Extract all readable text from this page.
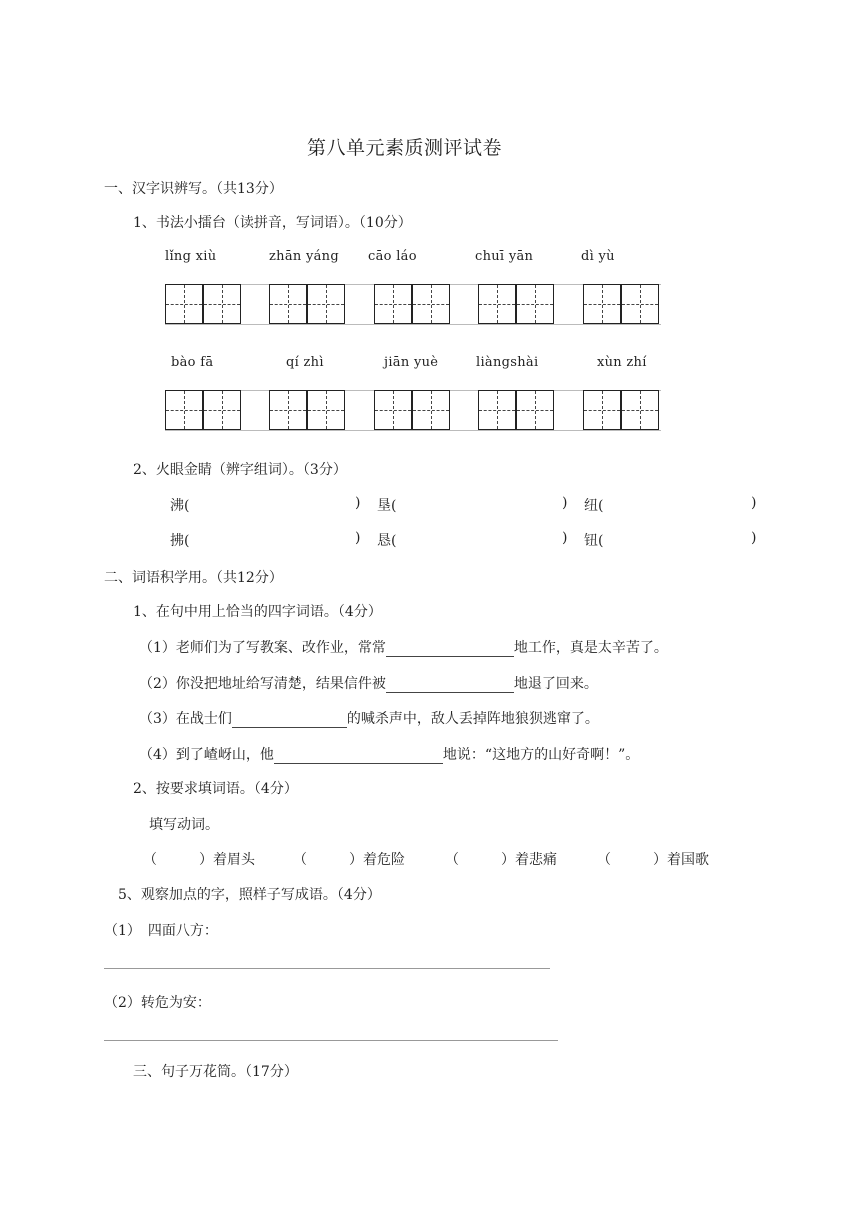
第八单元素质测评试卷
一、汉字识辨写。（共13分）
1、书法小擂台（读拼音，写词语）。（10分）
lǐng xiù	zhān yáng cāo láo	chuī yān	dì yù
bào fā	qí zhì	jiān yuè	liàngshài	xùn zhí
2、火眼金睛（辨字组词）。（3分）
沸(	) 垦(	) 纽(	)
拂(	) 恳(	) 钮(	)
二、词语积学用。（共12分）
1、在句中用上恰当的四字词语。（4分）
（1）老师们为了写教案、改作业，常常	地工作，真是太辛苦了。
（2）你没把地址给写清楚，结果信件被	地退了回来。
（3）在战士们	的喊杀声中，敌人丢掉阵地狼狈逃窜了。
（4）到了嵖岈山，他	地说：“这地方的山好奇啊！”。
2、按要求填词语。（4分）
填写动词。
（　　　）着眉头	（　　　）着危险	（　　　）着悲痛	（　　　）着国歌
5、观察加点的字，照样子写成语。（4分）
（1）　四面八方：
（2）转危为安：
三、句子万花筒。（17分）
